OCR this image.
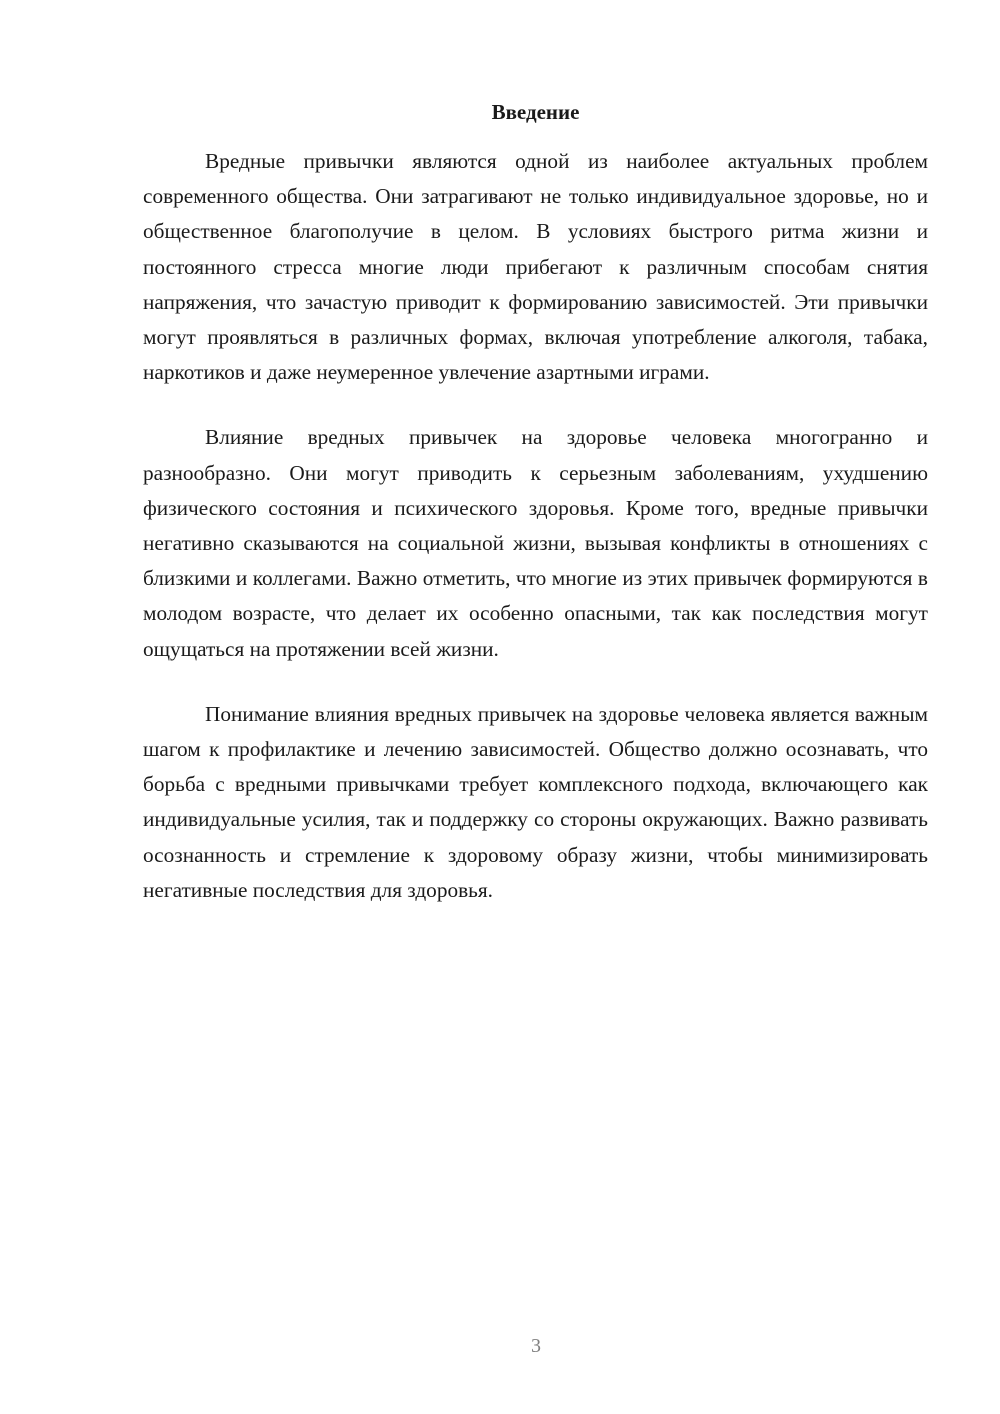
Введение

Вредные привычки являются одной из наиболее актуальных проблем современного общества. Они затрагивают не только индивидуальное здоровье, но и общественное благополучие в целом. В условиях быстрого ритма жизни и постоянного стресса многие люди прибегают к различным способам снятия напряжения, что зачастую приводит к формированию зависимостей. Эти привычки могут проявляться в различных формах, включая употребление алкоголя, табака, наркотиков и даже неумеренное увлечение азартными играми.

Влияние вредных привычек на здоровье человека многогранно и разнообразно. Они могут приводить к серьезным заболеваниям, ухудшению физического состояния и психического здоровья. Кроме того, вредные привычки негативно сказываются на социальной жизни, вызывая конфликты в отношениях с близкими и коллегами. Важно отметить, что многие из этих привычек формируются в молодом возрасте, что делает их особенно опасными, так как последствия могут ощущаться на протяжении всей жизни.

Понимание влияния вредных привычек на здоровье человека является важным шагом к профилактике и лечению зависимостей. Общество должно осознавать, что борьба с вредными привычками требует комплексного подхода, включающего как индивидуальные усилия, так и поддержку со стороны окружающих. Важно развивать осознанность и стремление к здоровому образу жизни, чтобы минимизировать негативные последствия для здоровья.

3
